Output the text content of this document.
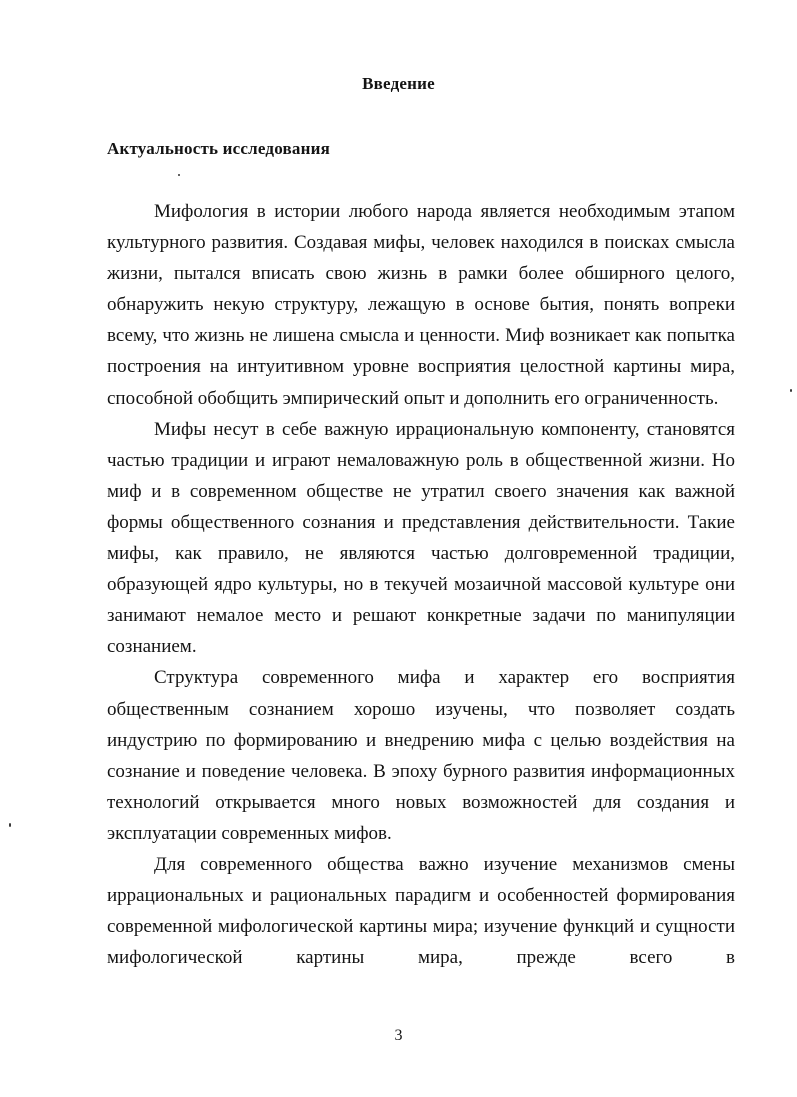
Введение
Актуальность исследования

Мифология в истории любого народа является необходимым этапом культурного развития. Создавая мифы, человек находился в поисках смысла жизни, пытался вписать свою жизнь в рамки более обширного целого, обнаружить некую структуру, лежащую в основе бытия, понять вопреки всему, что жизнь не лишена смысла и ценности. Миф возникает как попытка построения на интуитивном уровне восприятия целостной картины мира, способной обобщить эмпирический опыт и дополнить его ограниченность.

Мифы несут в себе важную иррациональную компоненту, становятся частью традиции и играют немаловажную роль в общественной жизни. Но миф и в современном обществе не утратил своего значения как важной формы общественного сознания и представления действительности. Такие мифы, как правило, не являются частью долговременной традиции, образующей ядро культуры, но в текучей мозаичной массовой культуре они занимают немалое место и решают конкретные задачи по манипуляции сознанием.

Структура современного мифа и характер его восприятия общественным сознанием хорошо изучены, что позволяет создать индустрию по формированию и внедрению мифа с целью воздействия на сознание и поведение человека. В эпоху бурного развития информационных технологий открывается много новых возможностей для создания и эксплуатации современных мифов.

Для современного общества важно изучение механизмов смены иррациональных и рациональных парадигм и особенностей формирования современной мифологической картины мира; изучение функций и сущности мифологической картины мира, прежде всего в

3
